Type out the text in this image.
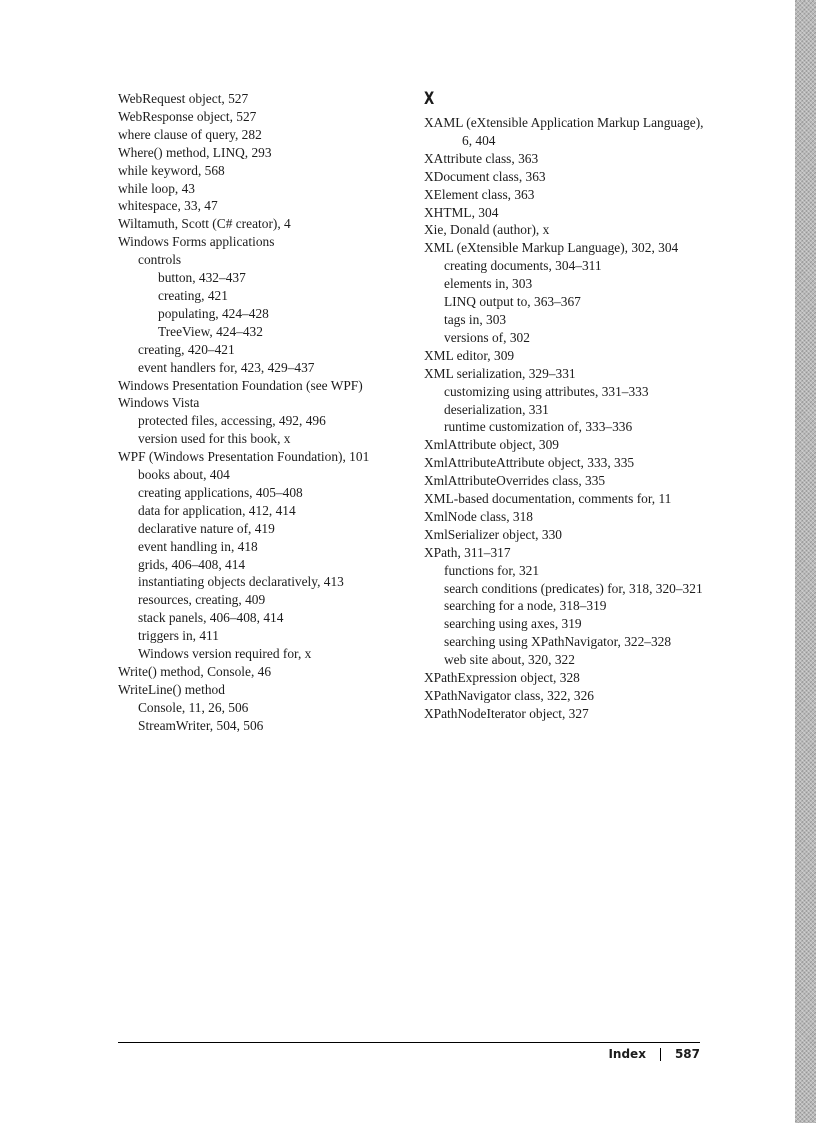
WebRequest object, 527
WebResponse object, 527
where clause of query, 282
Where() method, LINQ, 293
while keyword, 568
while loop, 43
whitespace, 33, 47
Wiltamuth, Scott (C# creator), 4
Windows Forms applications
controls
button, 432–437
creating, 421
populating, 424–428
TreeView, 424–432
creating, 420–421
event handlers for, 423, 429–437
Windows Presentation Foundation (see WPF)
Windows Vista
protected files, accessing, 492, 496
version used for this book, x
WPF (Windows Presentation Foundation), 101
books about, 404
creating applications, 405–408
data for application, 412, 414
declarative nature of, 419
event handling in, 418
grids, 406–408, 414
instantiating objects declaratively, 413
resources, creating, 409
stack panels, 406–408, 414
triggers in, 411
Windows version required for, x
Write() method, Console, 46
WriteLine() method
Console, 11, 26, 506
StreamWriter, 504, 506
X
XAML (eXtensible Application Markup Language), 6, 404
XAttribute class, 363
XDocument class, 363
XElement class, 363
XHTML, 304
Xie, Donald (author), x
XML (eXtensible Markup Language), 302, 304
creating documents, 304–311
elements in, 303
LINQ output to, 363–367
tags in, 303
versions of, 302
XML editor, 309
XML serialization, 329–331
customizing using attributes, 331–333
deserialization, 331
runtime customization of, 333–336
XmlAttribute object, 309
XmlAttributeAttribute object, 333, 335
XmlAttributeOverrides class, 335
XML-based documentation, comments for, 11
XmlNode class, 318
XmlSerializer object, 330
XPath, 311–317
functions for, 321
search conditions (predicates) for, 318, 320–321
searching for a node, 318–319
searching using axes, 319
searching using XPathNavigator, 322–328
web site about, 320, 322
XPathExpression object, 328
XPathNavigator class, 322, 326
XPathNodeIterator object, 327
Index 587
